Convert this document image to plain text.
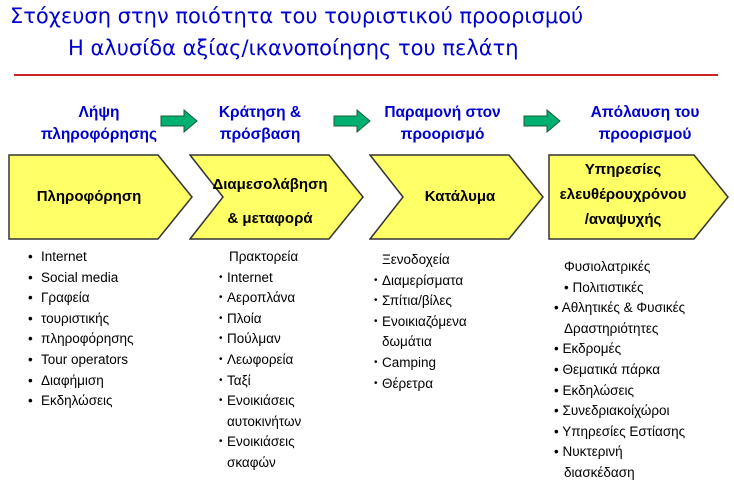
Στόχευση στην ποιότητα του τουριστικού προορισμού
Η αλυσίδα αξίας/ικανοποίησης του πελάτη
Λήψη
πληροφόρησης
Κράτηση &
πρόσβαση
Παραμονή στον
προορισμό
Απόλαυση του
προορισμού
Πληροφόρηση
Διαμεσολάβηση
& μεταφορά
Κατάλυμα
Υπηρεσίες
ελευθέρουχρόνου
/αναψυχής
• Internet
• Social media
• Γραφεία
• τουριστικής
• πληροφόρησης
• Tour operators
• Διαφήμιση
• Εκδηλώσεις
Πρακτορεία
• Internet
• Αεροπλάνα
• Πλοία
• Πούλμαν
• Λεωφορεία
• Ταξί
• Ενοικιάσεις
αυτοκινήτων
• Ενοικιάσεις
σκαφών
Ξενοδοχεία
• Διαμερίσματα
• Σπίτια/βίλες
• Ενοικιαζόμενα
δωμάτια
• Camping
• Θέρετρα
Φυσιολατρικές
• Πολιτιστικές
• Αθλητικές & Φυσικές
Δραστηριότητες
• Εκδρομές
• Θεματικά πάρκα
• Εκδηλώσεις
• Συνεδριακοίχώροι
• Υπηρεσίες Εστίασης
• Νυκτερινή
διασκέδαση
